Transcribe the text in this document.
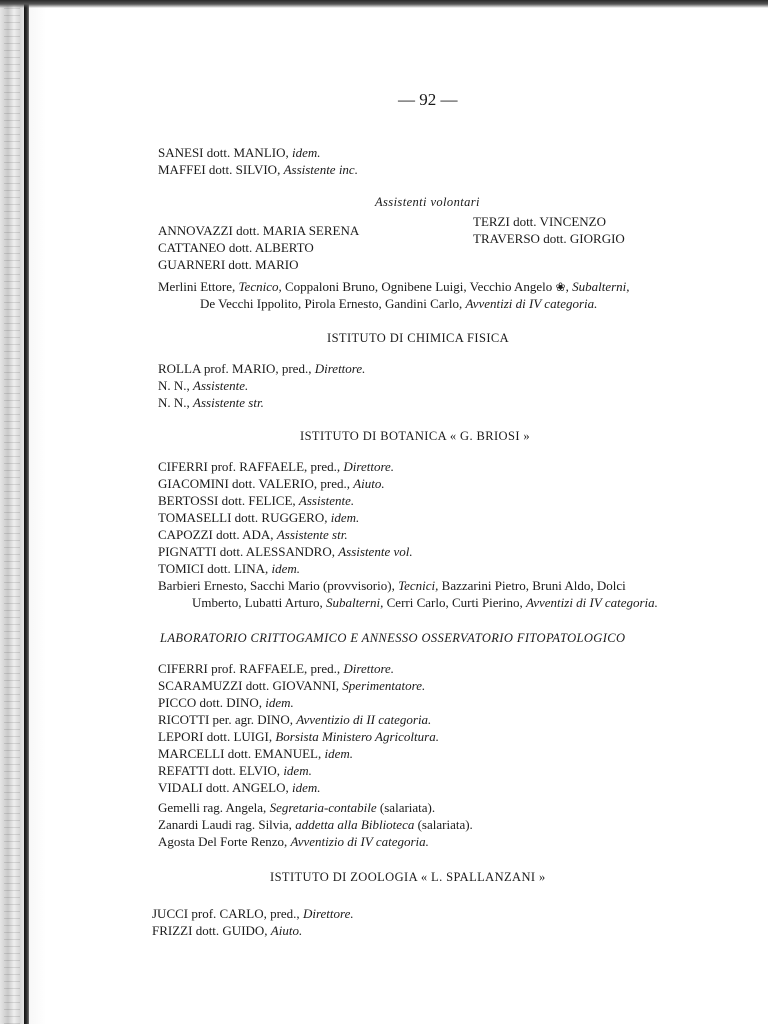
— 92 —
SANESI dott. MANLIO, idem.
MAFFEI dott. SILVIO, Assistente inc.
Assistenti volontari
ANNOVAZZI dott. MARIA SERENA
CATTANEO dott. ALBERTO
GUARNERI dott. MARIO
TERZI dott. VINCENZO
TRAVERSO dott. GIORGIO
Merlini Ettore, Tecnico, Coppaloni Bruno, Ognibene Luigi, Vecchio Angelo ❀, Subalterni,
De Vecchi Ippolito, Pirola Ernesto, Gandini Carlo, Avventizi di IV categoria.
ISTITUTO DI CHIMICA FISICA
ROLLA prof. MARIO, pred., Direttore.
N. N., Assistente.
N. N., Assistente str.
ISTITUTO DI BOTANICA « G. BRIOSI »
CIFERRI prof. RAFFAELE, pred., Direttore.
GIACOMINI dott. VALERIO, pred., Aiuto.
BERTOSSI dott. FELICE, Assistente.
TOMASELLI dott. RUGGERO, idem.
CAPOZZI dott. ADA, Assistente str.
PIGNATTI dott. ALESSANDRO, Assistente vol.
TOMICI dott. LINA, idem.
Barbieri Ernesto, Sacchi Mario (provvisorio), Tecnici, Bazzarini Pietro, Bruni Aldo, Dolci
Umberto, Lubatti Arturo, Subalterni, Cerri Carlo, Curti Pierino, Avventizi di IV categoria.
LABORATORIO CRITTOGAMICO E ANNESSO OSSERVATORIO FITOPATOLOGICO
CIFERRI prof. RAFFAELE, pred., Direttore.
SCARAMUZZI dott. GIOVANNI, Sperimentatore.
PICCO dott. DINO, idem.
RICOTTI per. agr. DINO, Avventizio di II categoria.
LEPORI dott. LUIGI, Borsista Ministero Agricoltura.
MARCELLI dott. EMANUEL, idem.
REFATTI dott. ELVIO, idem.
VIDALI dott. ANGELO, idem.
Gemelli rag. Angela, Segretaria-contabile (salariata).
Zanardi Laudi rag. Silvia, addetta alla Biblioteca (salariata).
Agosta Del Forte Renzo, Avventizio di IV categoria.
ISTITUTO DI ZOOLOGIA « L. SPALLANZANI »
JUCCI prof. CARLO, pred., Direttore.
FRIZZI dott. GUIDO, Aiuto.
